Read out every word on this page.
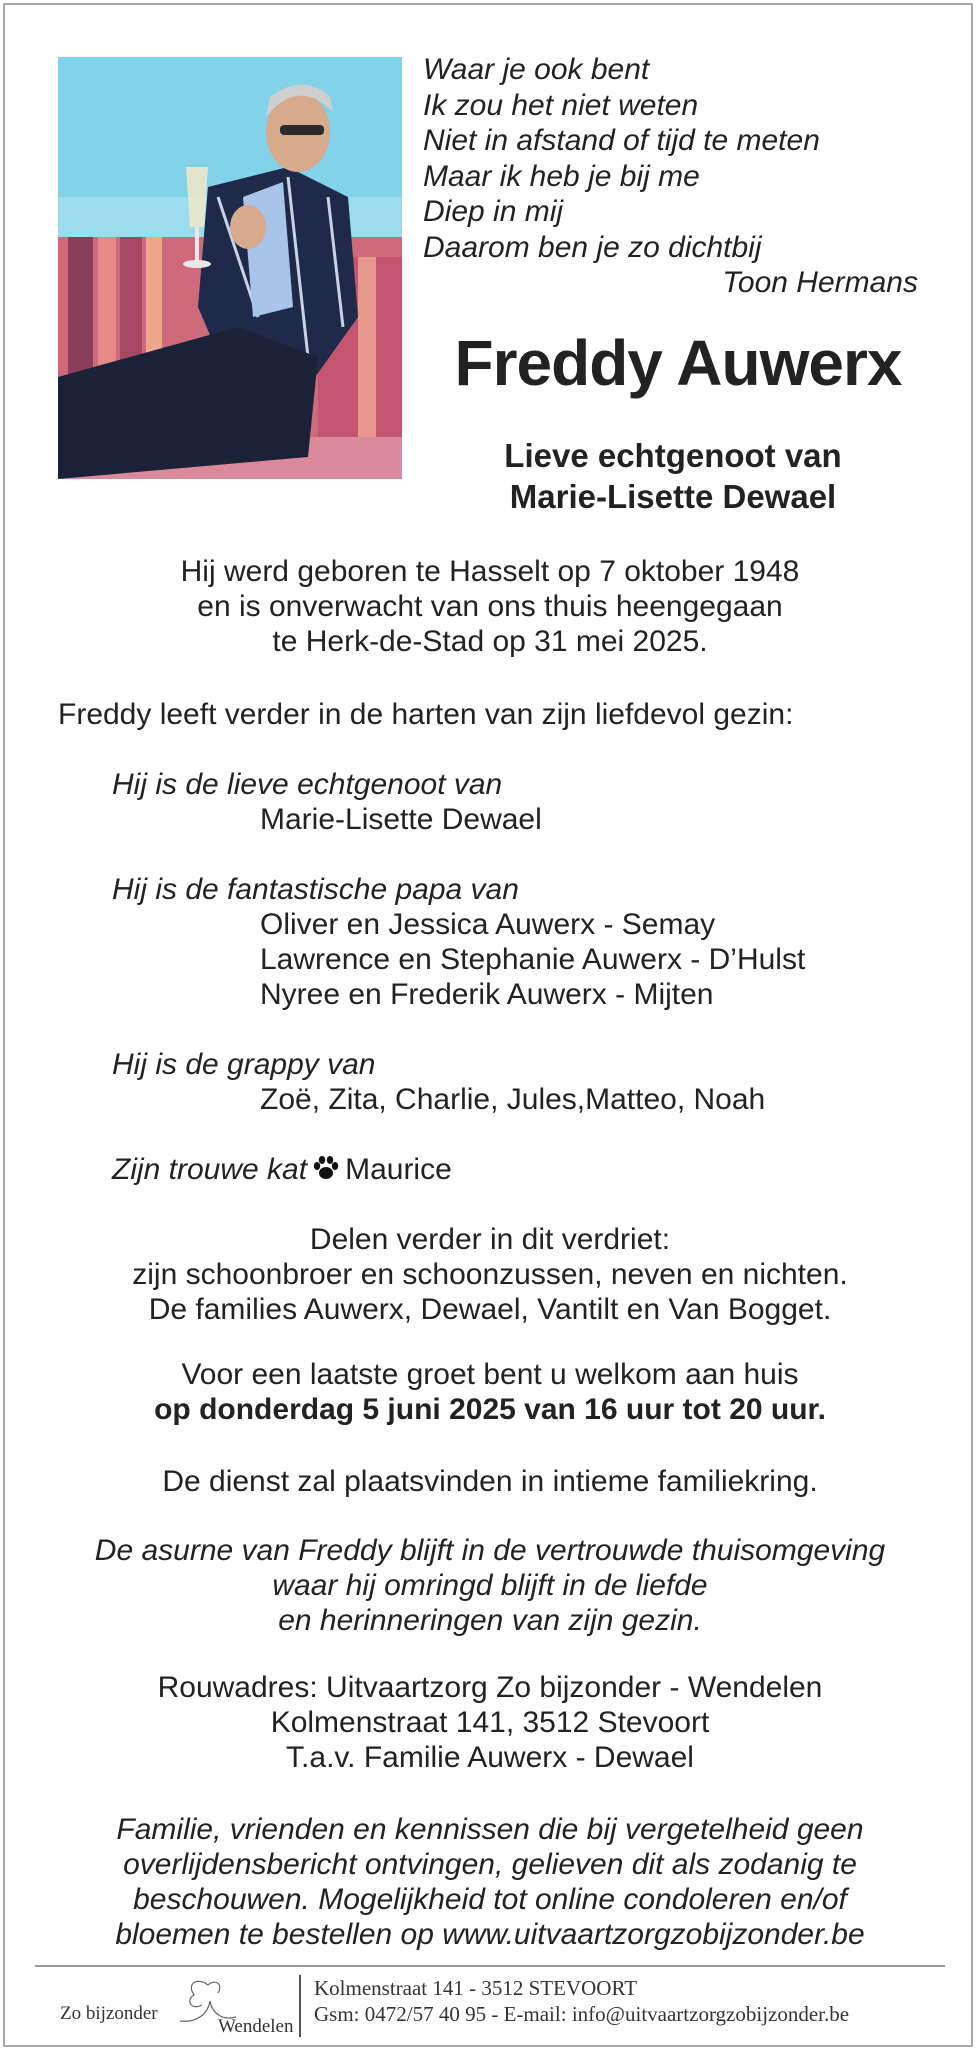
Waar je ook bent
Ik zou het niet weten
Niet in afstand of tijd te meten
Maar ik heb je bij me
Diep in mij
Daarom ben je zo dichtbij
Toon Hermans
Freddy Auwerx
Lieve echtgenoot van
Marie-Lisette Dewael
Hij werd geboren te Hasselt op 7 oktober 1948
en is onverwacht van ons thuis heengegaan
te Herk-de-Stad op 31 mei 2025.
Freddy leeft verder in de harten van zijn liefdevol gezin:
Hij is de lieve echtgenoot van
Marie-Lisette Dewael
Hij is de fantastische papa van
Oliver en Jessica Auwerx - Semay
Lawrence en Stephanie Auwerx - D’Hulst
Nyree en Frederik Auwerx - Mijten
Hij is de grappy van
Zoë, Zita, Charlie, Jules,Matteo, Noah
Zijn trouwe kat Maurice
Delen verder in dit verdriet:
zijn schoonbroer en schoonzussen, neven en nichten.
De families Auwerx, Dewael, Vantilt en Van Bogget.
Voor een laatste groet bent u welkom aan huis
op donderdag 5 juni 2025 van 16 uur tot 20 uur.
De dienst zal plaatsvinden in intieme familiekring.
De asurne van Freddy blijft in de vertrouwde thuisomgeving
waar hij omringd blijft in de liefde
en herinneringen van zijn gezin.
Rouwadres: Uitvaartzorg Zo bijzonder - Wendelen
Kolmenstraat 141, 3512 Stevoort
T.a.v. Familie Auwerx - Dewael
Familie, vrienden en kennissen die bij vergetelheid geen
overlijdensbericht ontvingen, gelieven dit als zodanig te
beschouwen. Mogelijkheid tot online condoleren en/of
bloemen te bestellen op www.uitvaartzorgzobijzonder.be
Zo bijzonder
Wendelen
Kolmenstraat 141 - 3512 STEVOORT
Gsm: 0472/57 40 95 - E-mail: info@uitvaartzorgzobijzonder.be
